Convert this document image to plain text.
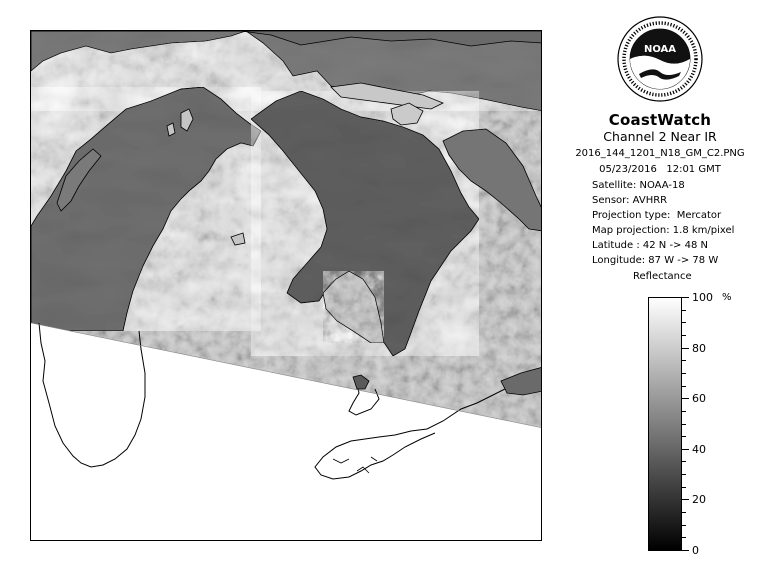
NOAA
CoastWatch
Channel 2 Near IR
2016_144_1201_N18_GM_C2.PNG
05/23/2016   12:01 GMT
Satellite: NOAA-18
Sensor: AVHRR
Projection type:  Mercator
Map projection: 1.8 km/pixel
Latitude : 42 N -> 48 N
Longitude: 87 W -> 78 W
Reflectance
%
100
80
60
40
20
0
